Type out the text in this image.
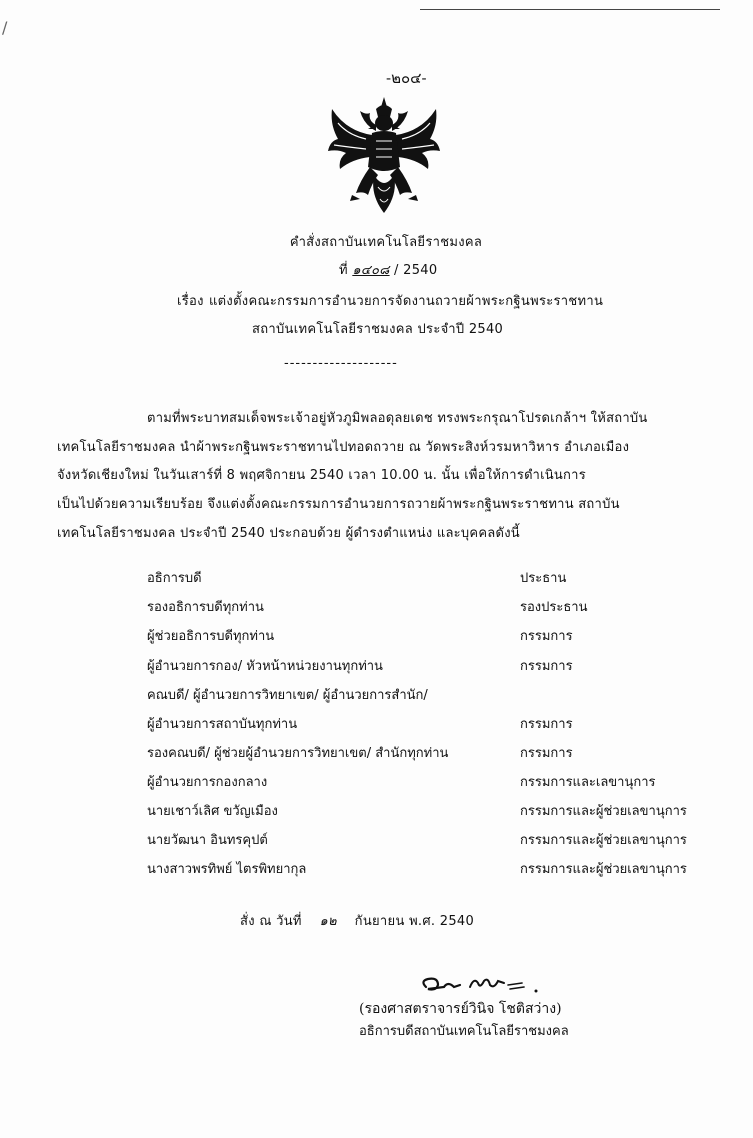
/
-๒๐๔-
คำสั่งสถาบันเทคโนโลยีราชมงคล
ที่ ๑๔๐๘ / 2540
เรื่อง แต่งตั้งคณะกรรมการอำนวยการจัดงานถวายผ้าพระกฐินพระราชทาน
สถาบันเทคโนโลยีราชมงคล ประจำปี 2540
--------------------
ตามที่พระบาทสมเด็จพระเจ้าอยู่หัวภูมิพลอดุลยเดช ทรงพระกรุณาโปรดเกล้าฯ ให้สถาบัน
เทคโนโลยีราชมงคล นำผ้าพระกฐินพระราชทานไปทอดถวาย ณ วัดพระสิงห์วรมหาวิหาร อำเภอเมือง
จังหวัดเชียงใหม่ ในวันเสาร์ที่ 8 พฤศจิกายน 2540 เวลา 10.00 น. นั้น เพื่อให้การดำเนินการ
เป็นไปด้วยความเรียบร้อย จึงแต่งตั้งคณะกรรมการอำนวยการถวายผ้าพระกฐินพระราชทาน สถาบัน
เทคโนโลยีราชมงคล ประจำปี 2540 ประกอบด้วย ผู้ดำรงตำแหน่ง และบุคคลดังนี้
อธิการบดี	ประธาน
รองอธิการบดีทุกท่าน	รองประธาน
ผู้ช่วยอธิการบดีทุกท่าน	กรรมการ
ผู้อำนวยการกอง/ หัวหน้าหน่วยงานทุกท่าน	กรรมการ
คณบดี/ ผู้อำนวยการวิทยาเขต/ ผู้อำนวยการสำนัก/
ผู้อำนวยการสถาบันทุกท่าน	กรรมการ
รองคณบดี/ ผู้ช่วยผู้อำนวยการวิทยาเขต/ สำนักทุกท่าน	กรรมการ
ผู้อำนวยการกองกลาง	กรรมการและเลขานุการ
นายเชาว์เลิศ ขวัญเมือง	กรรมการและผู้ช่วยเลขานุการ
นายวัฒนา อินทรคุปต์	กรรมการและผู้ช่วยเลขานุการ
นางสาวพรทิพย์ ไตรพิทยากุล	กรรมการและผู้ช่วยเลขานุการ
สั่ง ณ วันที่ ๑๒ กันยายน พ.ศ. 2540
(รองศาสตราจารย์วินิจ โชติสว่าง)
อธิการบดีสถาบันเทคโนโลยีราชมงคล
